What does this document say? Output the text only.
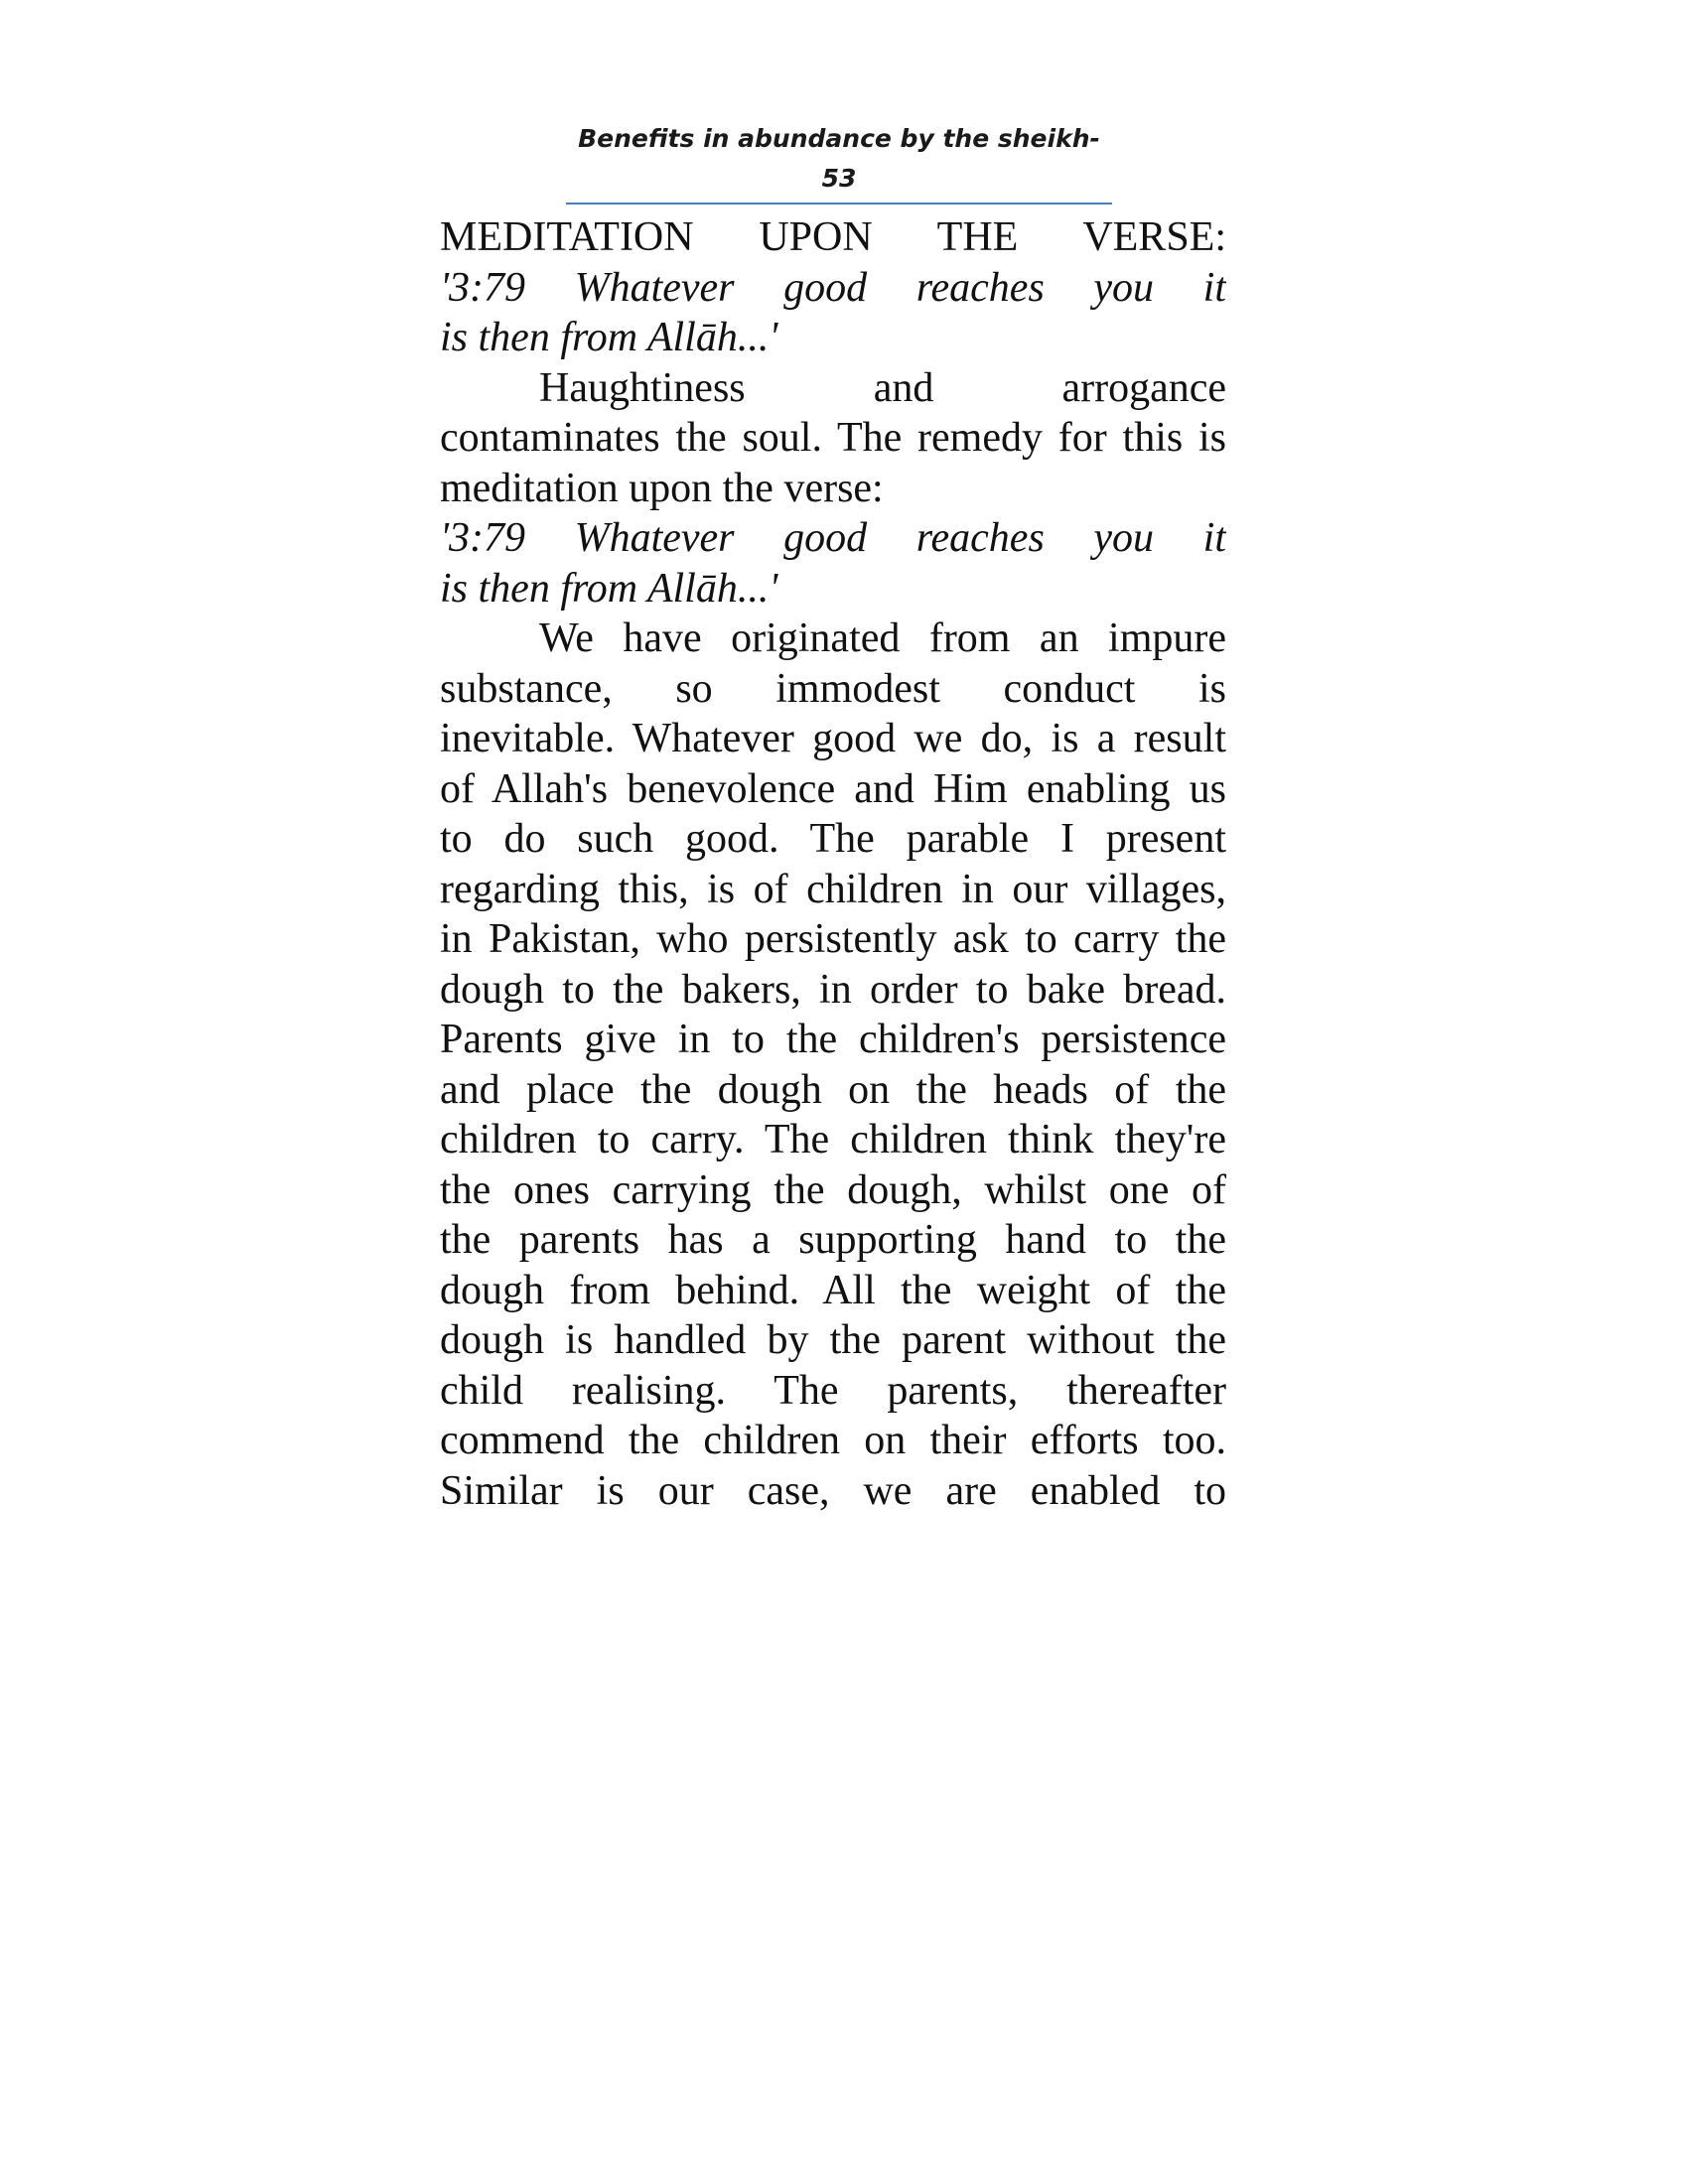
Benefits in abundance by the sheikh-53
MEDITATION UPON THE VERSE:
'3:79 Whatever good reaches you it
is then from Allāh...'
Haughtiness and arrogance
contaminates the soul. The remedy for this is
meditation upon the verse:
'3:79 Whatever good reaches you it
is then from Allāh...'
We have originated from an impure
substance, so immodest conduct is
inevitable. Whatever good we do, is a result
of Allah's benevolence and Him enabling us
to do such good. The parable I present
regarding this, is of children in our villages,
in Pakistan, who persistently ask to carry the
dough to the bakers, in order to bake bread.
Parents give in to the children's persistence
and place the dough on the heads of the
children to carry. The children think they're
the ones carrying the dough, whilst one of
the parents has a supporting hand to the
dough from behind. All the weight of the
dough is handled by the parent without the
child realising. The parents, thereafter
commend the children on their efforts too.
Similar is our case, we are enabled to
